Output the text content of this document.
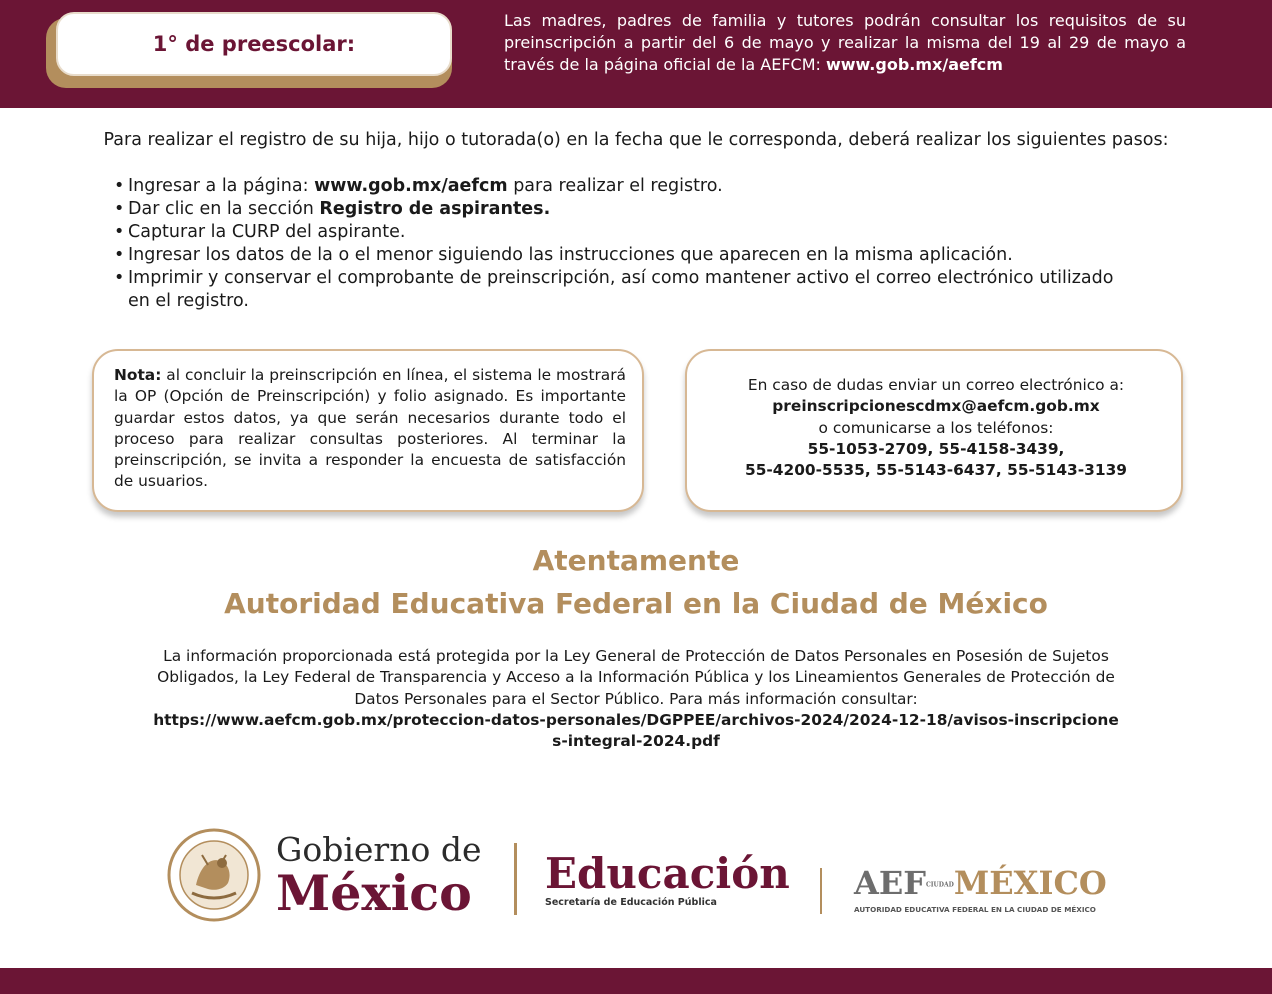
1° de preescolar:
Las madres, padres de familia y tutores podrán consultar los requisitos de su preinscripción a partir del 6 de mayo y realizar la misma del 19 al 29 de mayo a través de la página oficial de la AEFCM: www.gob.mx/aefcm
Para realizar el registro de su hija, hijo o tutorada(o) en la fecha que le corresponda, deberá realizar los siguientes pasos:
• Ingresar a la página: www.gob.mx/aefcm para realizar el registro.
• Dar clic en la sección Registro de aspirantes.
• Capturar la CURP del aspirante.
• Ingresar los datos de la o el menor siguiendo las instrucciones que aparecen en la misma aplicación.
• Imprimir y conservar el comprobante de preinscripción, así como mantener activo el correo electrónico utilizado en el registro.

Nota: al concluir la preinscripción en línea, el sistema le mostrará la OP (Opción de Preinscripción) y folio asignado. Es importante guardar estos datos, ya que serán necesarios durante todo el proceso para realizar consultas posteriores. Al terminar la preinscripción, se invita a responder la encuesta de satisfacción de usuarios.

En caso de dudas enviar un correo electrónico a:
preinscripcionescdmx@aefcm.gob.mx
o comunicarse a los teléfonos:
55-1053-2709, 55-4158-3439,
55-4200-5535, 55-5143-6437, 55-5143-3139
Atentamente
Autoridad Educativa Federal en la Ciudad de México
La información proporcionada está protegida por la Ley General de Protección de Datos Personales en Posesión de Sujetos Obligados, la Ley Federal de Transparencia y Acceso a la Información Pública y los Lineamientos Generales de Protección de Datos Personales para el Sector Público. Para más información consultar:
https://www.aefcm.gob.mx/proteccion-datos-personales/DGPPEE/archivos-2024/2024-12-18/avisos-inscripciones-integral-2024.pdf
Gobierno de
México Educación
Secretaría de Educación Pública
AEFCIUDADMÉXICO
AUTORIDAD EDUCATIVA FEDERAL EN LA CIUDAD DE MÉXICO
